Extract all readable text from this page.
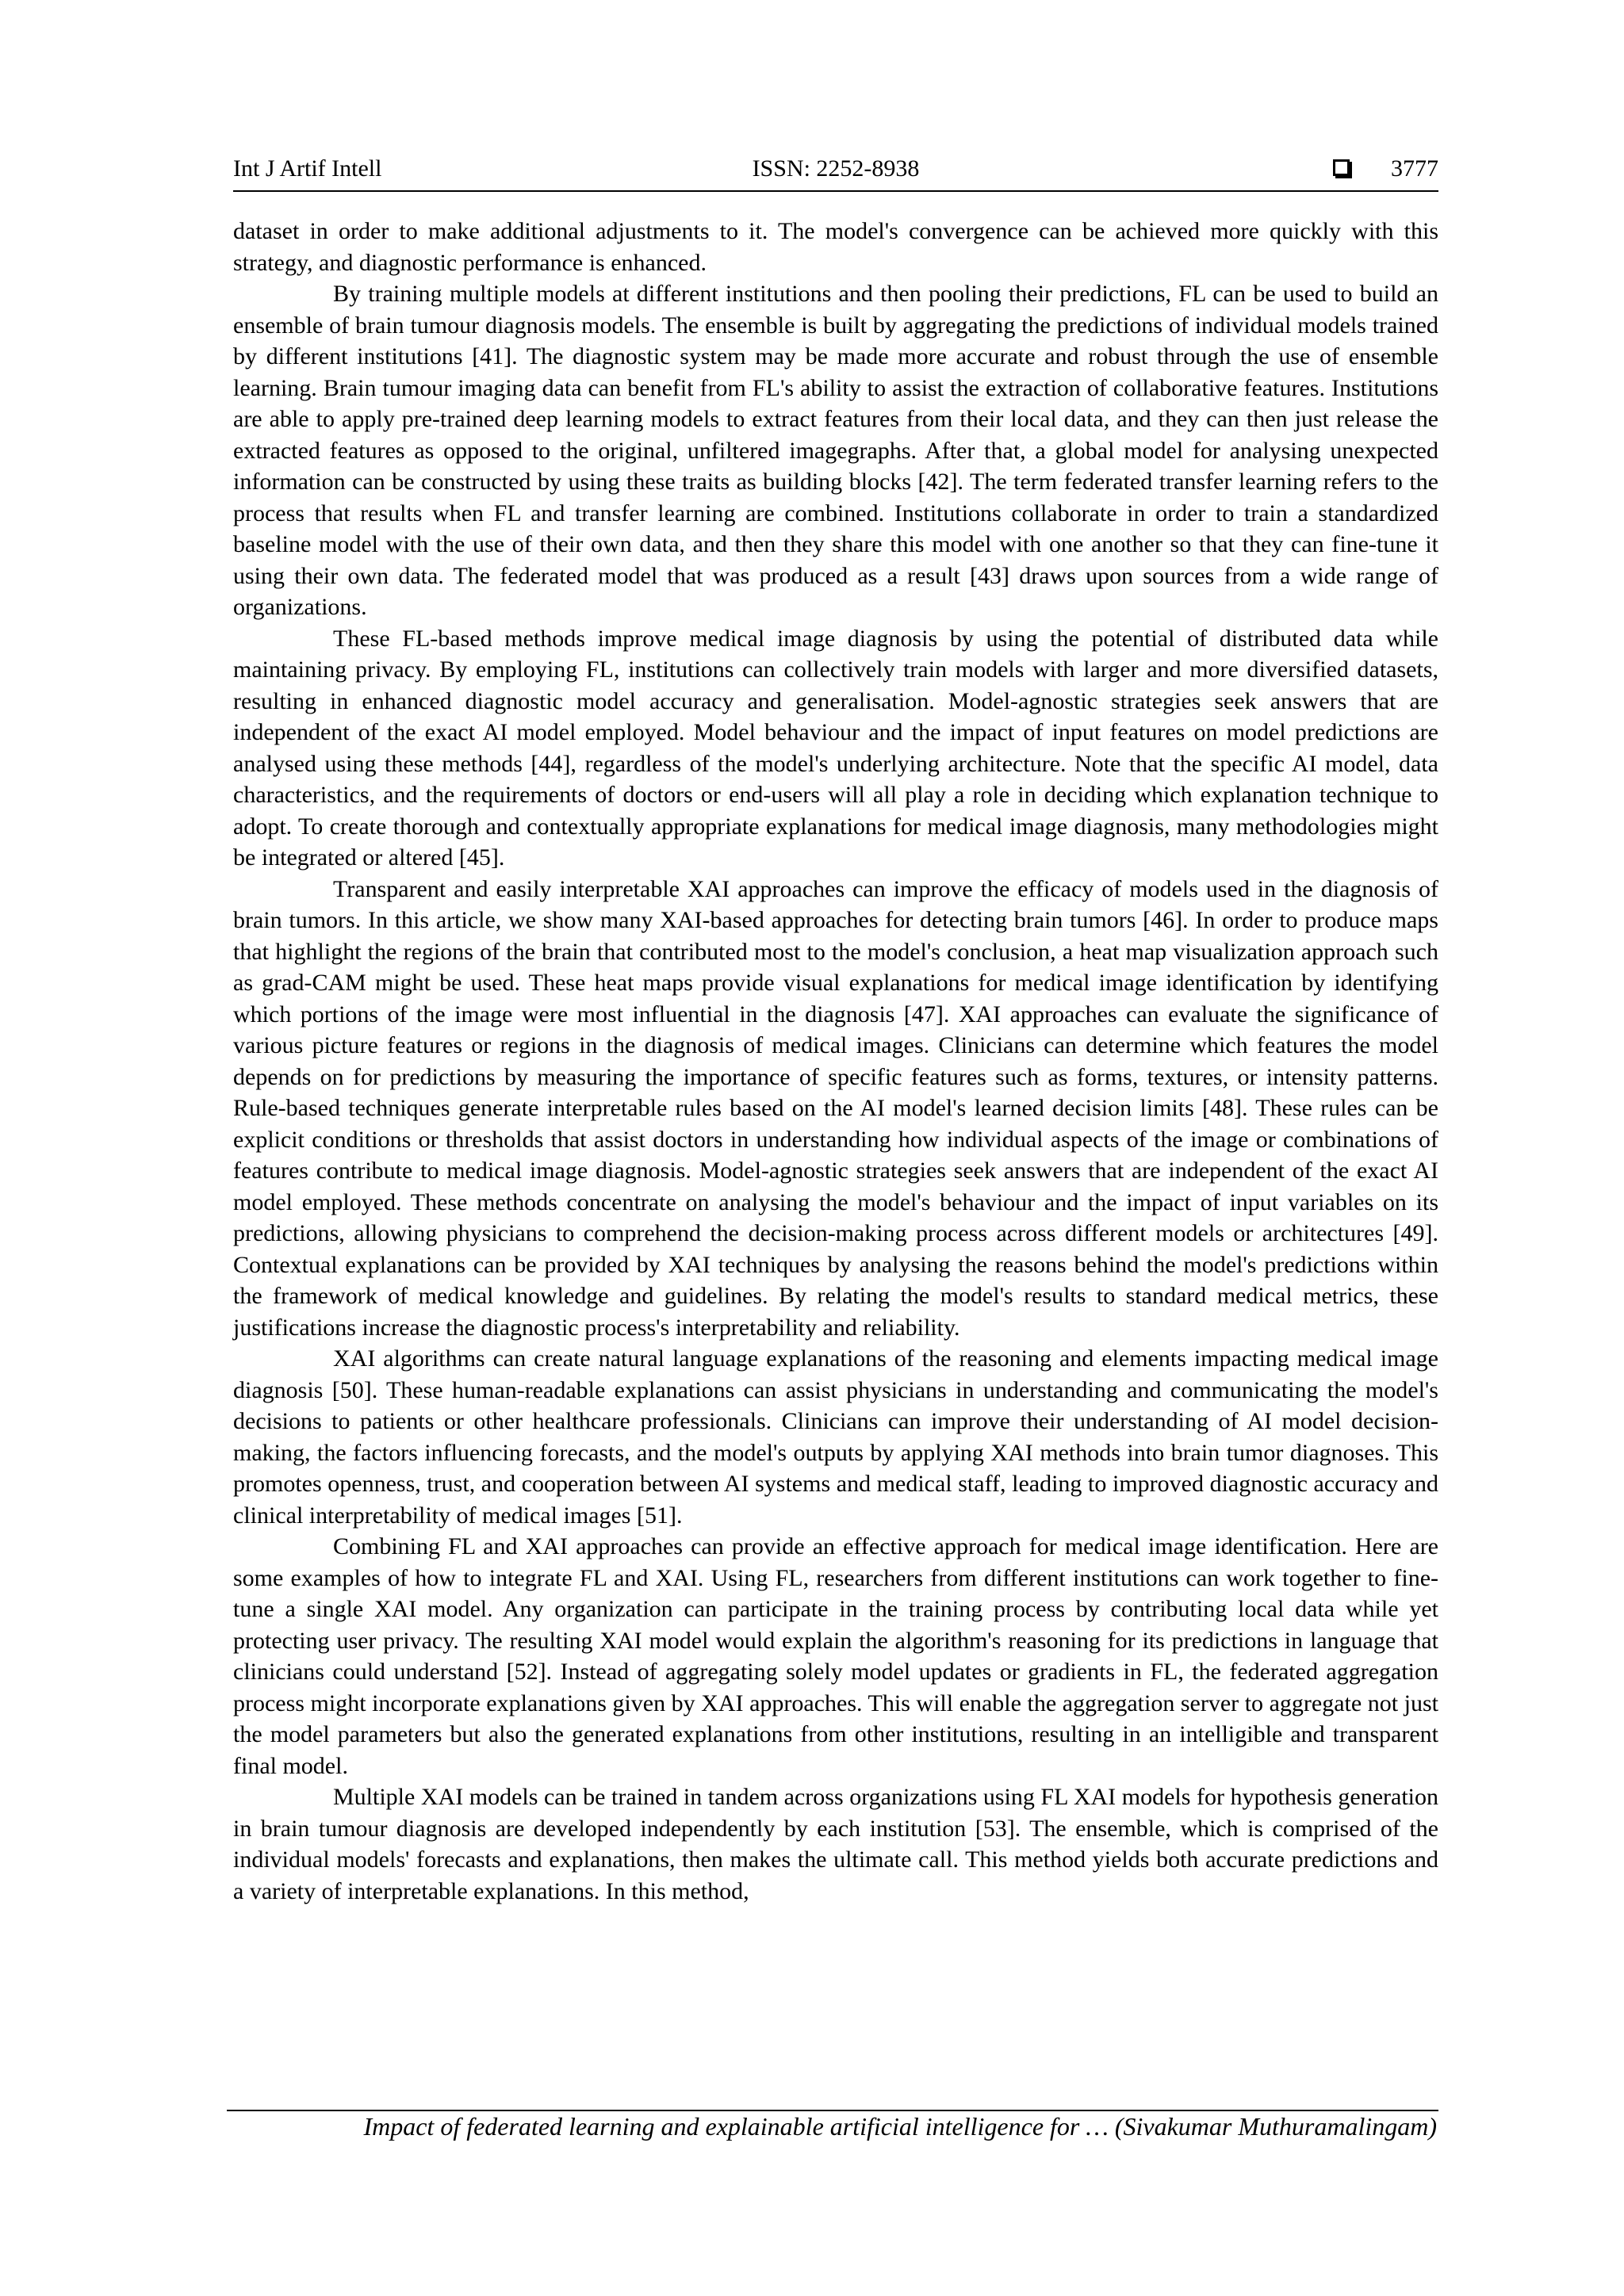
Int J Artif Intell	ISSN: 2252-8938	3777

dataset in order to make additional adjustments to it. The model's convergence can be achieved more quickly with this strategy, and diagnostic performance is enhanced.

By training multiple models at different institutions and then pooling their predictions, FL can be used to build an ensemble of brain tumour diagnosis models. The ensemble is built by aggregating the predictions of individual models trained by different institutions [41]. The diagnostic system may be made more accurate and robust through the use of ensemble learning. Brain tumour imaging data can benefit from FL's ability to assist the extraction of collaborative features. Institutions are able to apply pre-trained deep learning models to extract features from their local data, and they can then just release the extracted features as opposed to the original, unfiltered imagegraphs. After that, a global model for analysing unexpected information can be constructed by using these traits as building blocks [42]. The term federated transfer learning refers to the process that results when FL and transfer learning are combined. Institutions collaborate in order to train a standardized baseline model with the use of their own data, and then they share this model with one another so that they can fine-tune it using their own data. The federated model that was produced as a result [43] draws upon sources from a wide range of organizations.

These FL-based methods improve medical image diagnosis by using the potential of distributed data while maintaining privacy. By employing FL, institutions can collectively train models with larger and more diversified datasets, resulting in enhanced diagnostic model accuracy and generalisation. Model-agnostic strategies seek answers that are independent of the exact AI model employed. Model behaviour and the impact of input features on model predictions are analysed using these methods [44], regardless of the model's underlying architecture. Note that the specific AI model, data characteristics, and the requirements of doctors or end-users will all play a role in deciding which explanation technique to adopt. To create thorough and contextually appropriate explanations for medical image diagnosis, many methodologies might be integrated or altered [45].

Transparent and easily interpretable XAI approaches can improve the efficacy of models used in the diagnosis of brain tumors. In this article, we show many XAI-based approaches for detecting brain tumors [46]. In order to produce maps that highlight the regions of the brain that contributed most to the model's conclusion, a heat map visualization approach such as grad-CAM might be used. These heat maps provide visual explanations for medical image identification by identifying which portions of the image were most influential in the diagnosis [47]. XAI approaches can evaluate the significance of various picture features or regions in the diagnosis of medical images. Clinicians can determine which features the model depends on for predictions by measuring the importance of specific features such as forms, textures, or intensity patterns. Rule-based techniques generate interpretable rules based on the AI model's learned decision limits [48]. These rules can be explicit conditions or thresholds that assist doctors in understanding how individual aspects of the image or combinations of features contribute to medical image diagnosis. Model-agnostic strategies seek answers that are independent of the exact AI model employed. These methods concentrate on analysing the model's behaviour and the impact of input variables on its predictions, allowing physicians to comprehend the decision-making process across different models or architectures [49]. Contextual explanations can be provided by XAI techniques by analysing the reasons behind the model's predictions within the framework of medical knowledge and guidelines. By relating the model's results to standard medical metrics, these justifications increase the diagnostic process's interpretability and reliability.

XAI algorithms can create natural language explanations of the reasoning and elements impacting medical image diagnosis [50]. These human-readable explanations can assist physicians in understanding and communicating the model's decisions to patients or other healthcare professionals. Clinicians can improve their understanding of AI model decision-making, the factors influencing forecasts, and the model's outputs by applying XAI methods into brain tumor diagnoses. This promotes openness, trust, and cooperation between AI systems and medical staff, leading to improved diagnostic accuracy and clinical interpretability of medical images [51].

Combining FL and XAI approaches can provide an effective approach for medical image identification. Here are some examples of how to integrate FL and XAI. Using FL, researchers from different institutions can work together to fine-tune a single XAI model. Any organization can participate in the training process by contributing local data while yet protecting user privacy. The resulting XAI model would explain the algorithm's reasoning for its predictions in language that clinicians could understand [52]. Instead of aggregating solely model updates or gradients in FL, the federated aggregation process might incorporate explanations given by XAI approaches. This will enable the aggregation server to aggregate not just the model parameters but also the generated explanations from other institutions, resulting in an intelligible and transparent final model.

Multiple XAI models can be trained in tandem across organizations using FL XAI models for hypothesis generation in brain tumour diagnosis are developed independently by each institution [53]. The ensemble, which is comprised of the individual models' forecasts and explanations, then makes the ultimate call. This method yields both accurate predictions and a variety of interpretable explanations. In this method,

Impact of federated learning and explainable artificial intelligence for … (Sivakumar Muthuramalingam)
